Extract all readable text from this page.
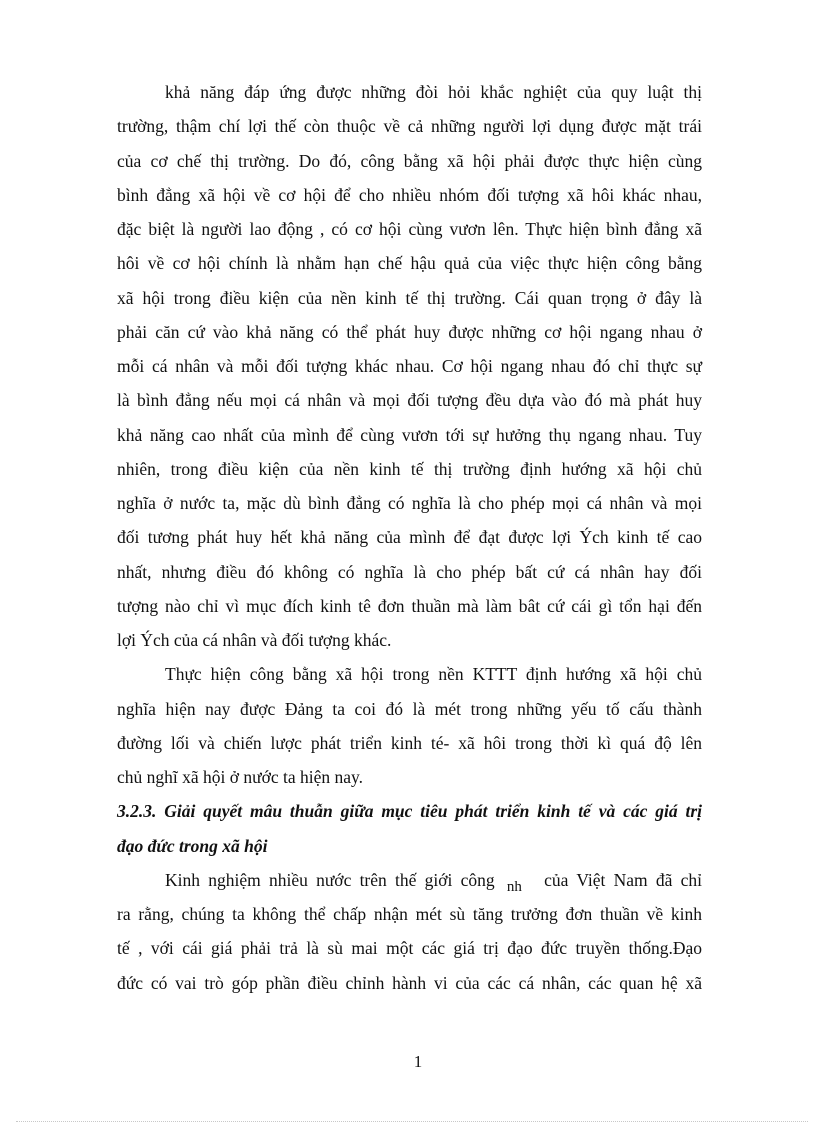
khả năng đáp ứng được những đòi hỏi khắc nghiệt của quy luật thị
trường, thậm chí lợi thế còn thuộc về cả những người lợi dụng được mặt trái
của cơ chế thị trường. Do đó, công bằng xã hội phải được thực hiện cùng
bình đẳng xã hội về cơ hội để cho nhiều nhóm đối tượng xã hôi khác nhau,
đặc biệt là người lao động , có cơ hội cùng vươn lên. Thực hiện bình đẳng xã
hôi về cơ hội chính là nhằm hạn chế hậu quả của việc thực hiện công bằng
xã hội trong điều kiện của nền kinh tế thị trường. Cái quan trọng ở đây là
phải căn cứ vào khả năng có thể phát huy được những cơ hội ngang nhau ở
mỗi cá nhân và mỗi đối tượng khác nhau. Cơ hội ngang nhau đó chỉ thực sự
là bình đẳng nếu mọi cá nhân và mọi đối tượng đều dựa vào đó mà phát huy
khả năng cao nhất của mình để cùng vươn tới sự hưởng thụ ngang nhau. Tuy
nhiên, trong điều kiện của nền kinh tế thị trường định hướng xã hội chủ
nghĩa ở nước ta, mặc dù bình đẳng có nghĩa là cho phép mọi cá nhân và mọi
đối tương phát huy hết khả năng của mình để đạt được lợi Ých kinh tế cao
nhất, nhưng điều đó không có nghĩa là cho phép bất cứ cá nhân hay đối
tượng nào chỉ vì mục đích kinh tê đơn thuần mà làm bât cứ cái gì tổn hại đến
lợi Ých của cá nhân và đối tượng khác.
Thực hiện công bằng xã hội trong nền KTTT định hướng xã hội chủ
nghĩa hiện nay được Đảng ta coi đó là mét trong những yếu tố cấu thành
đường lối và chiến lược phát triển kinh té- xã hôi trong thời kì quá độ lên
chủ nghĩ xã hội ở nước ta hiện nay.
3.2.3. Giải quyết mâu thuẫn giữa mục tiêu phát triển kinh tế và các giá trị
đạo đức trong xã hội
Kinh nghiệm nhiều nước trên thế giới công nh của Việt Nam đã chỉ
ra rằng, chúng ta không thể chấp nhận mét sù tăng trưởng đơn thuần về kinh
tế , với cái giá phải trả là sù mai một các giá trị đạo đức truyền thống.Đạo
đức có vai trò góp phần điều chỉnh hành vi của các cá nhân, các quan hệ xã
1
